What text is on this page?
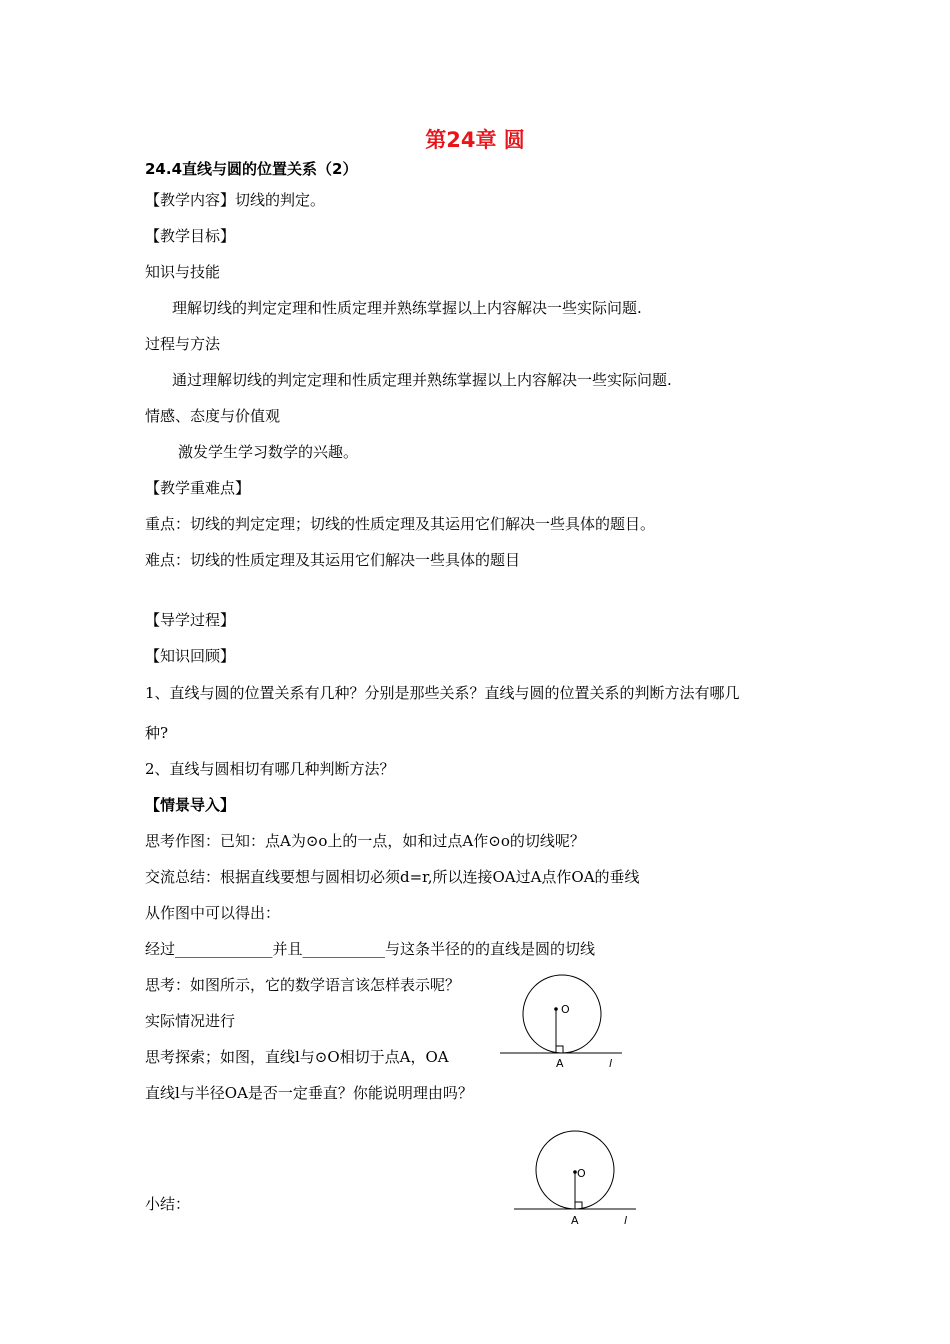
第24章 圆
24.4直线与圆的位置关系（2）
【教学内容】切线的判定。
【教学目标】
知识与技能
理解切线的判定定理和性质定理并熟练掌握以上内容解决一些实际问题.
过程与方法
通过理解切线的判定定理和性质定理并熟练掌握以上内容解决一些实际问题.
情感、态度与价值观
激发学生学习数学的兴趣。
【教学重难点】
重点：切线的判定定理；切线的性质定理及其运用它们解决一些具体的题目。
难点：切线的性质定理及其运用它们解决一些具体的题目
【导学过程】
【知识回顾】
1、直线与圆的位置关系有几种？分别是那些关系？直线与圆的位置关系的判断方法有哪几
种?
2、直线与圆相切有哪几种判断方法？
【情景导入】
思考作图：已知：点A为⊙o上的一点，如和过点A作⊙o的切线呢？
交流总结：根据直线要想与圆相切必须d=r,所以连接OA过A点作OA的垂线
从作图中可以得出：
经过_____________并且___________与这条半径的的直线是圆的切线
思考：如图所示，它的数学语言该怎样表示呢？
实际情况进行
思考探索；如图，直线l与⊙O相切于点A，OA
直线l与半径OA是否一定垂直？你能说明理由吗？
小结：
O
A	l
O
A	l
